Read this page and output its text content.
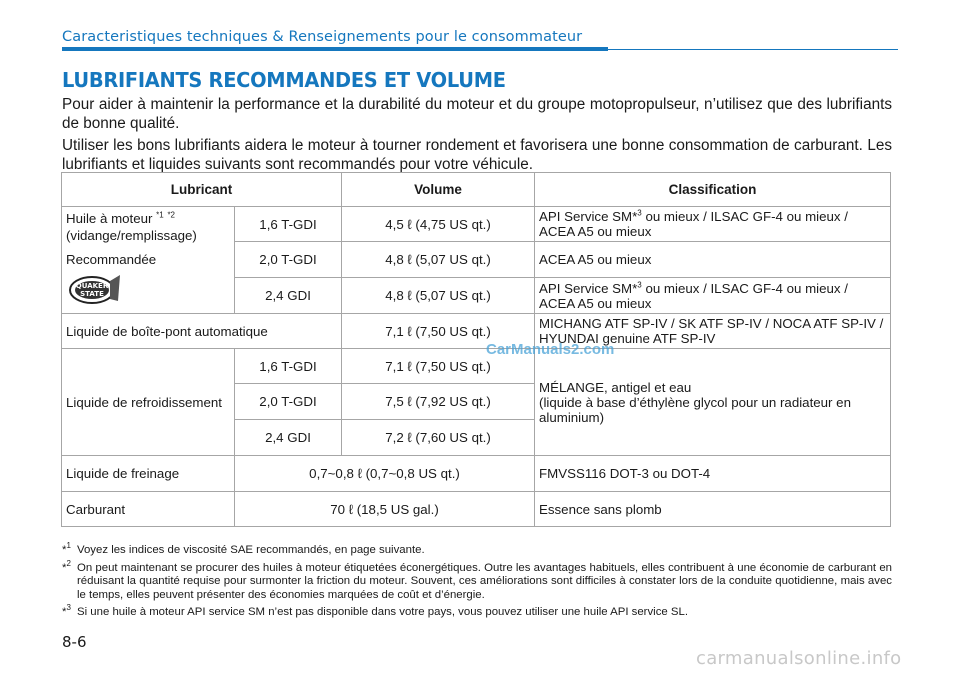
Caracteristiques techniques & Renseignements pour le consommateur
LUBRIFIANTS RECOMMANDES ET VOLUME

Pour aider à maintenir la performance et la durabilité du moteur et du groupe motopropulseur, n’utilisez que des lubrifiants de bonne qualité.

Utiliser les bons lubrifiants aidera le moteur à tourner rondement et favorisera une bonne consommation de carburant. Les lubrifiants et liquides suivants sont recommandés pour votre véhicule.

Lubricant		Volume	Classification

Huile à moteur $^{*1}$ $^{*2}$
(vidange/remplissage)
Recommandée
QUAKER
STATE	1,6 T-GDI	4,5 ℓ (4,75 US qt.)	API Service SM*$^3$ ou mieux / ILSAC GF-4 ou mieux / ACEA A5 ou mieux
	2,0 T-GDI	4,8 ℓ (5,07 US qt.)	ACEA A5 ou mieux
	2,4 GDI	4,8 ℓ (5,07 US qt.)	API Service SM*$^3$ ou mieux / ILSAC GF-4 ou mieux / ACEA A5 ou mieux
Liquide de boîte-pont automatique		7,1 ℓ (7,50 US qt.)	MICHANG ATF SP-IV / SK ATF SP-IV / NOCA ATF SP-IV / HYUNDAI genuine ATF SP-IV
Liquide de refroidissement	1,6 T-GDI	7,1 ℓ (7,50 US qt.)	MÉLANGE, antigel et eau
(liquide à base d’éthylène glycol pour un radiateur en aluminium)

	2,0 T-GDI	7,5 ℓ (7,92 US qt.)	
	2,4 GDI	7,2 ℓ (7,60 US qt.)	
Liquide de freinage	0,7~0,8 ℓ (0,7~0,8 US qt.)		FMVSS116 DOT-3 ou DOT-4
Carburant	70 ℓ (18,5 US gal.)		Essence sans plomb
CarManuals2.com
*$^1$ Voyez les indices de viscosité SAE recommandés, en page suivante.
*$^2$ On peut maintenant se procurer des huiles à moteur étiquetées éconergétiques. Outre les avantages habituels, elles contribuent à une économie de carburant en réduisant la quantité requise pour surmonter la friction du moteur. Souvent, ces améliorations sont difficiles à constater lors de la conduite quotidienne, mais avec le temps, elles peuvent présenter des économies marquées de coût et d’énergie.
*$^3$ Si une huile à moteur API service SM n’est pas disponible dans votre pays, vous pouvez utiliser une huile API service SL.
8-6
carmanualsonline.info
